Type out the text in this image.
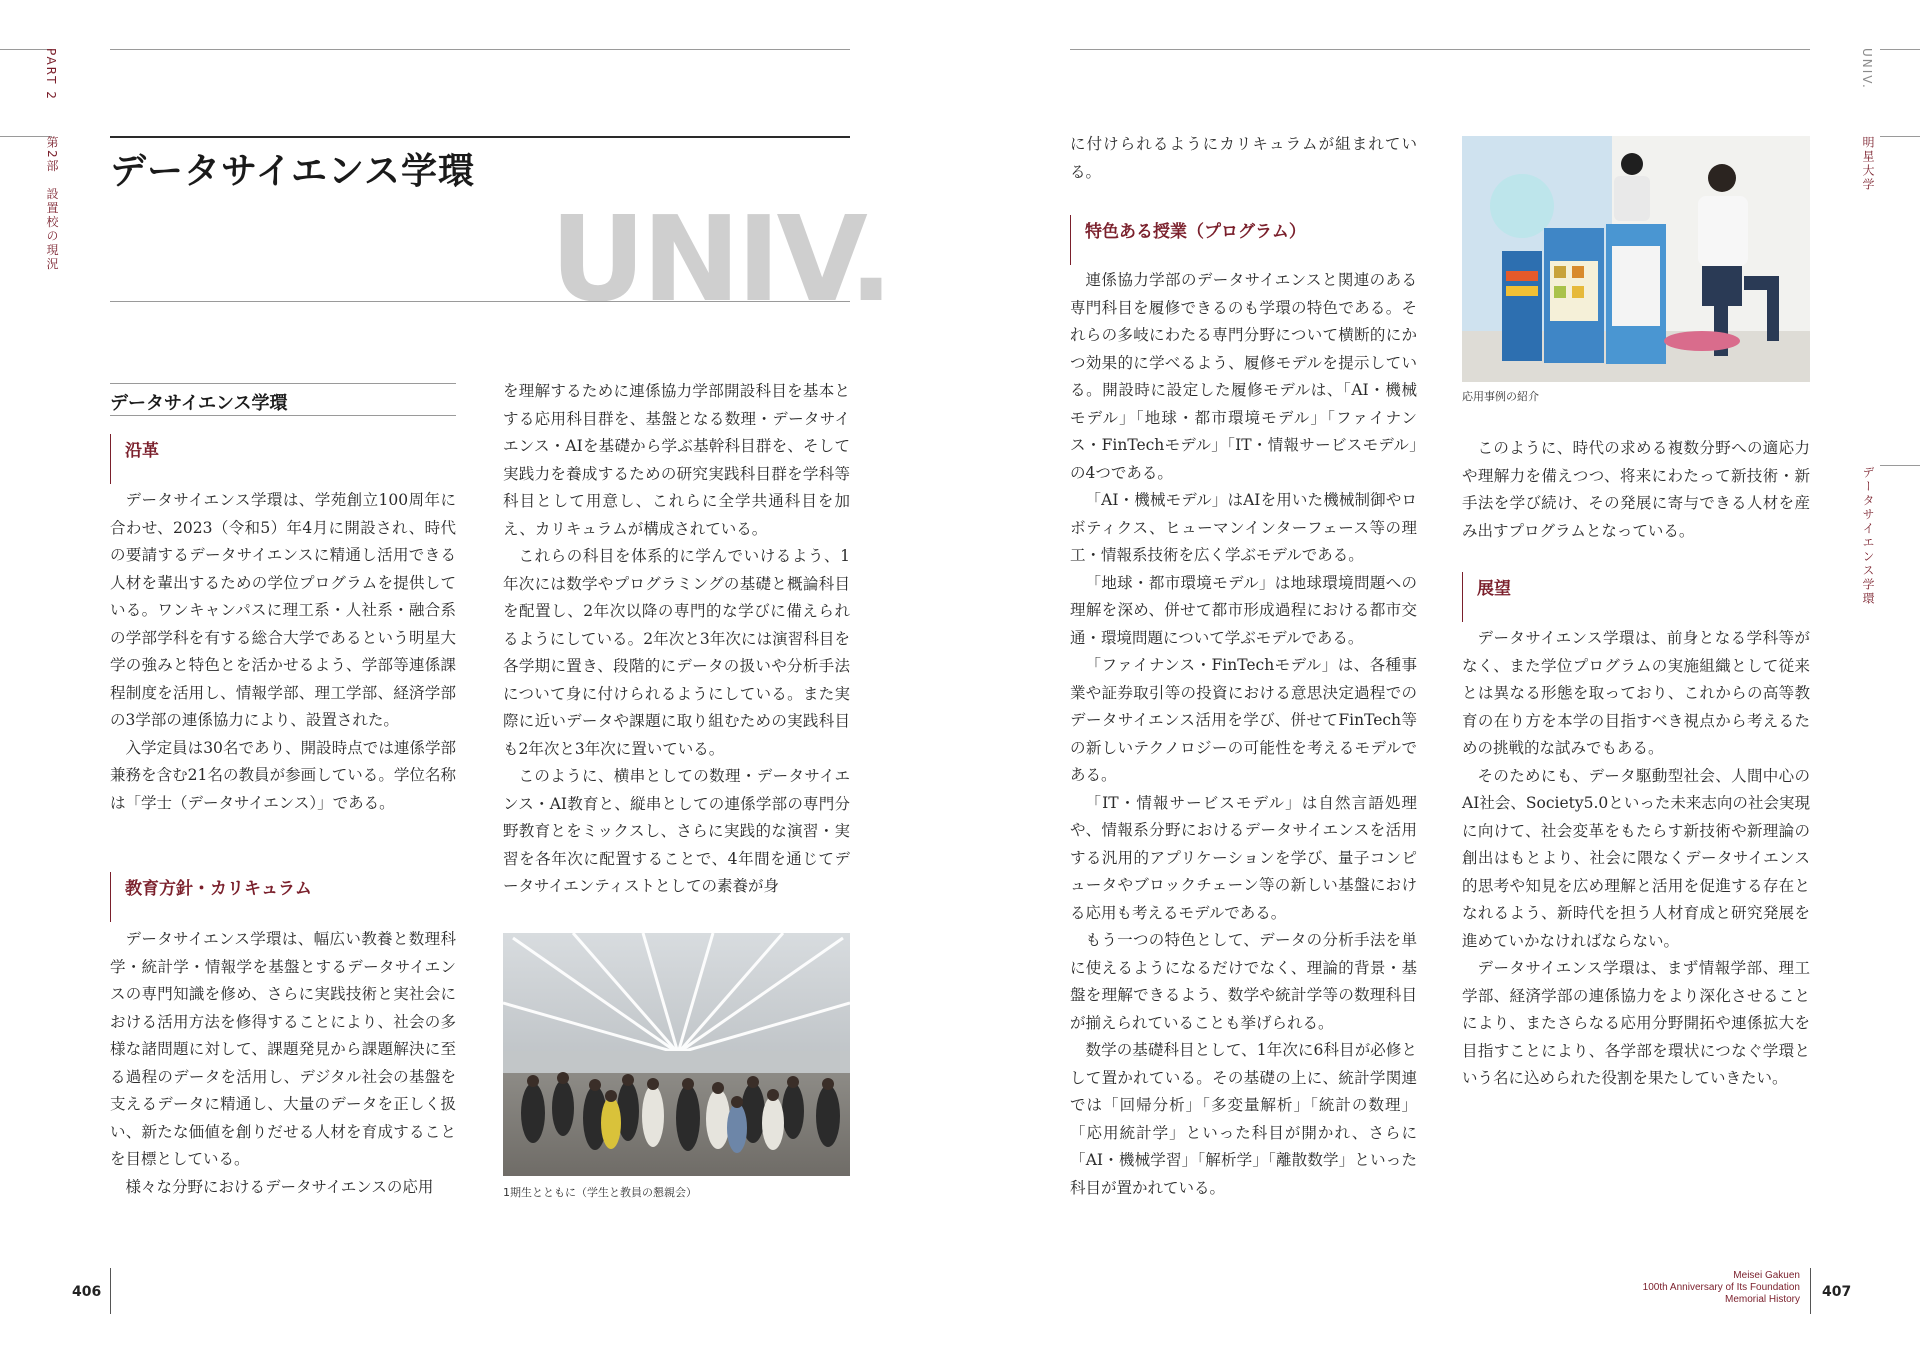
PART 2
第2部　設置校の現況 データサイエンス学環
UNIV.
データサイエンス学環
沿革

データサイエンス学環は、学苑創立100周年に合わせ、2023（令和5）年4月に開設され、時代の要請するデータサイエンスに精通し活用できる人材を輩出するための学位プログラムを提供している。ワンキャンパスに理工系・人社系・融合系の学部学科を有する総合大学であるという明星大学の強みと特色とを活かせるよう、学部等連係課程制度を活用し、情報学部、理工学部、経済学部の3学部の連係協力により、設置された。

入学定員は30名であり、開設時点では連係学部兼務を含む21名の教員が参画している。学位名称は「学士（データサイエンス）」である。

教育方針・カリキュラム

データサイエンス学環は、幅広い教養と数理科学・統計学・情報学を基盤とするデータサイエンスの専門知識を修め、さらに実践技術と実社会における活用方法を修得することにより、社会の多様な諸問題に対して、課題発見から課題解決に至る過程のデータを活用し、デジタル社会の基盤を支えるデータに精通し、大量のデータを正しく扱い、新たな価値を創りだせる人材を育成することを目標としている。

様々な分野におけるデータサイエンスの応用

を理解するために連係協力学部開設科目を基本とする応用科目群を、基盤となる数理・データサイエンス・AIを基礎から学ぶ基幹科目群を、そして実践力を養成するための研究実践科目群を学科等科目として用意し、これらに全学共通科目を加え、カリキュラムが構成されている。

これらの科目を体系的に学んでいけるよう、1年次には数学やプログラミングの基礎と概論科目を配置し、2年次以降の専門的な学びに備えられるようにしている。2年次と3年次には演習科目を各学期に置き、段階的にデータの扱いや分析手法について身に付けられるようにしている。また実際に近いデータや課題に取り組むための実践科目も2年次と3年次に置いている。

このように、横串としての数理・データサイエンス・AI教育と、縦串としての連係学部の専門分野教育とをミックスし、さらに実践的な演習・実習を各年次に配置することで、4年間を通じてデータサイエンティストとしての素養が身

1期生とともに（学生と教員の懇親会）
406
UNIV.
明星大学
データサイエンス学環

に付けられるようにカリキュラムが組まれている。

特色ある授業（プログラム）

連係協力学部のデータサイエンスと関連のある専門科目を履修できるのも学環の特色である。それらの多岐にわたる専門分野について横断的にかつ効果的に学べるよう、履修モデルを提示している。開設時に設定した履修モデルは、「AI・機械モデル」「地球・都市環境モデル」「ファイナンス・FinTechモデル」「IT・情報サービスモデル」の4つである。

「AI・機械モデル」はAIを用いた機械制御やロボティクス、ヒューマンインターフェース等の理工・情報系技術を広く学ぶモデルである。

「地球・都市環境モデル」は地球環境問題への理解を深め、併せて都市形成過程における都市交通・環境問題について学ぶモデルである。

「ファイナンス・FinTechモデル」は、各種事業や証券取引等の投資における意思決定過程でのデータサイエンス活用を学び、併せてFinTech等の新しいテクノロジーの可能性を考えるモデルである。

「IT・情報サービスモデル」は自然言語処理や、情報系分野におけるデータサイエンスを活用する汎用的アプリケーションを学び、量子コンピュータやブロックチェーン等の新しい基盤における応用も考えるモデルである。

もう一つの特色として、データの分析手法を単に使えるようになるだけでなく、理論的背景・基盤を理解できるよう、数学や統計学等の数理科目が揃えられていることも挙げられる。

数学の基礎科目として、1年次に6科目が必修として置かれている。その基礎の上に、統計学関連では「回帰分析」「多変量解析」「統計の数理」「応用統計学」といった科目が開かれ、さらに「AI・機械学習」「解析学」「離散数学」といった科目が置かれている。

応用事例の紹介

このように、時代の求める複数分野への適応力や理解力を備えつつ、将来にわたって新技術・新手法を学び続け、その発展に寄与できる人材を産み出すプログラムとなっている。

展望

データサイエンス学環は、前身となる学科等がなく、また学位プログラムの実施組織として従来とは異なる形態を取っており、これからの高等教育の在り方を本学の目指すべき視点から考えるための挑戦的な試みでもある。

そのためにも、データ駆動型社会、人間中心のAI社会、Society5.0といった未来志向の社会実現に向けて、社会変革をもたらす新技術や新理論の創出はもとより、社会に隈なくデータサイエンス的思考や知見を広め理解と活用を促進する存在となれるよう、新時代を担う人材育成と研究発展を進めていかなければならない。

データサイエンス学環は、まず情報学部、理工学部、経済学部の連係協力をより深化させることにより、またさらなる応用分野開拓や連係拡大を目指すことにより、各学部を環状につなぐ学環という名に込められた役割を果たしていきたい。

Meisei Gakuen
100th Anniversary of Its Foundation
Memorial History 407
